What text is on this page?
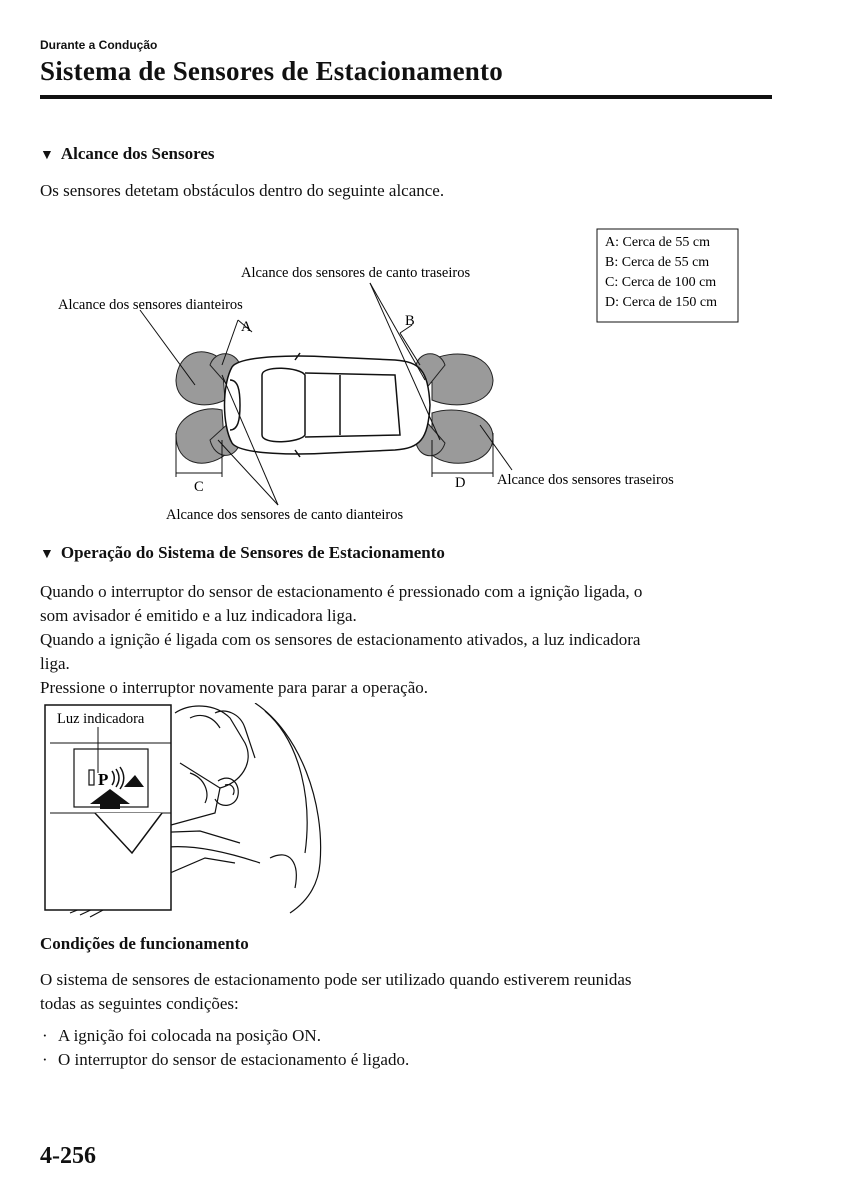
Durante a Condução
Sistema de Sensores de Estacionamento
▼ Alcance dos Sensores
Os sensores detetam obstáculos dentro do seguinte alcance.
A: Cerca de 55 cm
B: Cerca de 55 cm
C: Cerca de 100 cm
D: Cerca de 150 cm
Alcance dos sensores dianteiros
Alcance dos sensores de canto traseiros
Alcance dos sensores traseiros
Alcance dos sensores de canto dianteiros
A	B
C	D
▼ Operação do Sistema de Sensores de Estacionamento
Quando o interruptor do sensor de estacionamento é pressionado com a ignição ligada, o
som avisador é emitido e a luz indicadora liga.
Quando a ignição é ligada com os sensores de estacionamento ativados, a luz indicadora
liga.
Pressione o interruptor novamente para parar a operação.
P
Luz indicadora
Condições de funcionamento
O sistema de sensores de estacionamento pode ser utilizado quando estiverem reunidas
todas as seguintes condições:
· A ignição foi colocada na posição ON.
· O interruptor do sensor de estacionamento é ligado.
4-256
